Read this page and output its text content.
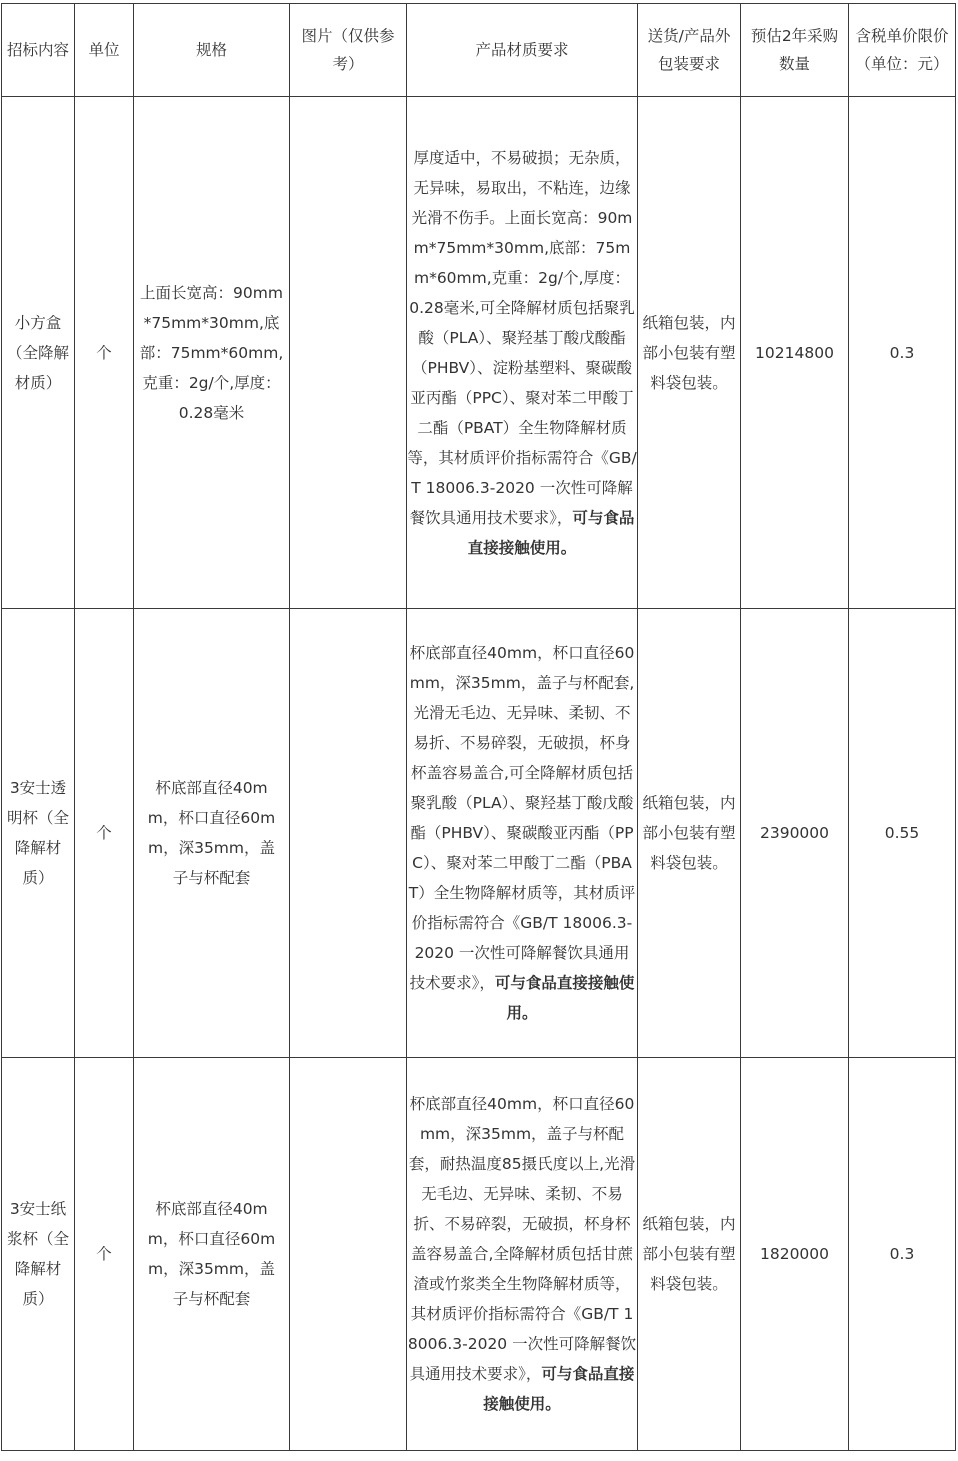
招标内容	单位	规格	图片（仅供参考）	产品材质要求	送货/产品外包装要求	预估2年采购数量	含税单价限价（单位：元）

小方盒（全降解材质）	个	上面长宽高：90mm*75mm*30mm,底部：75mm*60mm,克重：2g/个,厚度：0.28毫米		厚度适中，不易破损；无杂质，无异味，易取出，不粘连，边缘光滑不伤手。上面长宽高：90mm*75mm*30mm,底部：75mm*60mm,克重：2g/个,厚度：0.28毫米,可全降解材质包括聚乳酸（PLA）、聚羟基丁酸戊酸酯（PHBV）、淀粉基塑料、聚碳酸亚丙酯（PPC）、聚对苯二甲酸丁二酯（PBAT）全生物降解材质等，其材质评价指标需符合《GB/T 18006.3-2020 一次性可降解餐饮具通用技术要求》，可与食品直接接触使用。	纸箱包装，内部小包装有塑料袋包装。	10214800	0.3

3安士透明杯（全降解材质）	个	杯底部直径40mm，杯口直径60mm，深35mm，盖子与杯配套		杯底部直径40mm，杯口直径60mm，深35mm，盖子与杯配套,光滑无毛边、无异味、柔韧、不易折、不易碎裂，无破损，杯身杯盖容易盖合,可全降解材质包括聚乳酸（PLA）、聚羟基丁酸戊酸酯（PHBV）、聚碳酸亚丙酯（PPC）、聚对苯二甲酸丁二酯（PBAT）全生物降解材质等，其材质评价指标需符合《GB/T 18006.3-2020 一次性可降解餐饮具通用技术要求》，可与食品直接接触使用。	纸箱包装，内部小包装有塑料袋包装。	2390000	0.55

3安士纸浆杯（全降解材质）	个	杯底部直径40mm，杯口直径60mm，深35mm，盖子与杯配套		杯底部直径40mm，杯口直径60mm，深35mm，盖子与杯配套，耐热温度85摄氏度以上,光滑无毛边、无异味、柔韧、不易折、不易碎裂，无破损，杯身杯盖容易盖合,全降解材质包括甘蔗渣或竹浆类全生物降解材质等，其材质评价指标需符合《GB/T 18006.3-2020 一次性可降解餐饮具通用技术要求》，可与食品直接接触使用。	纸箱包装，内部小包装有塑料袋包装。	1820000	0.3
